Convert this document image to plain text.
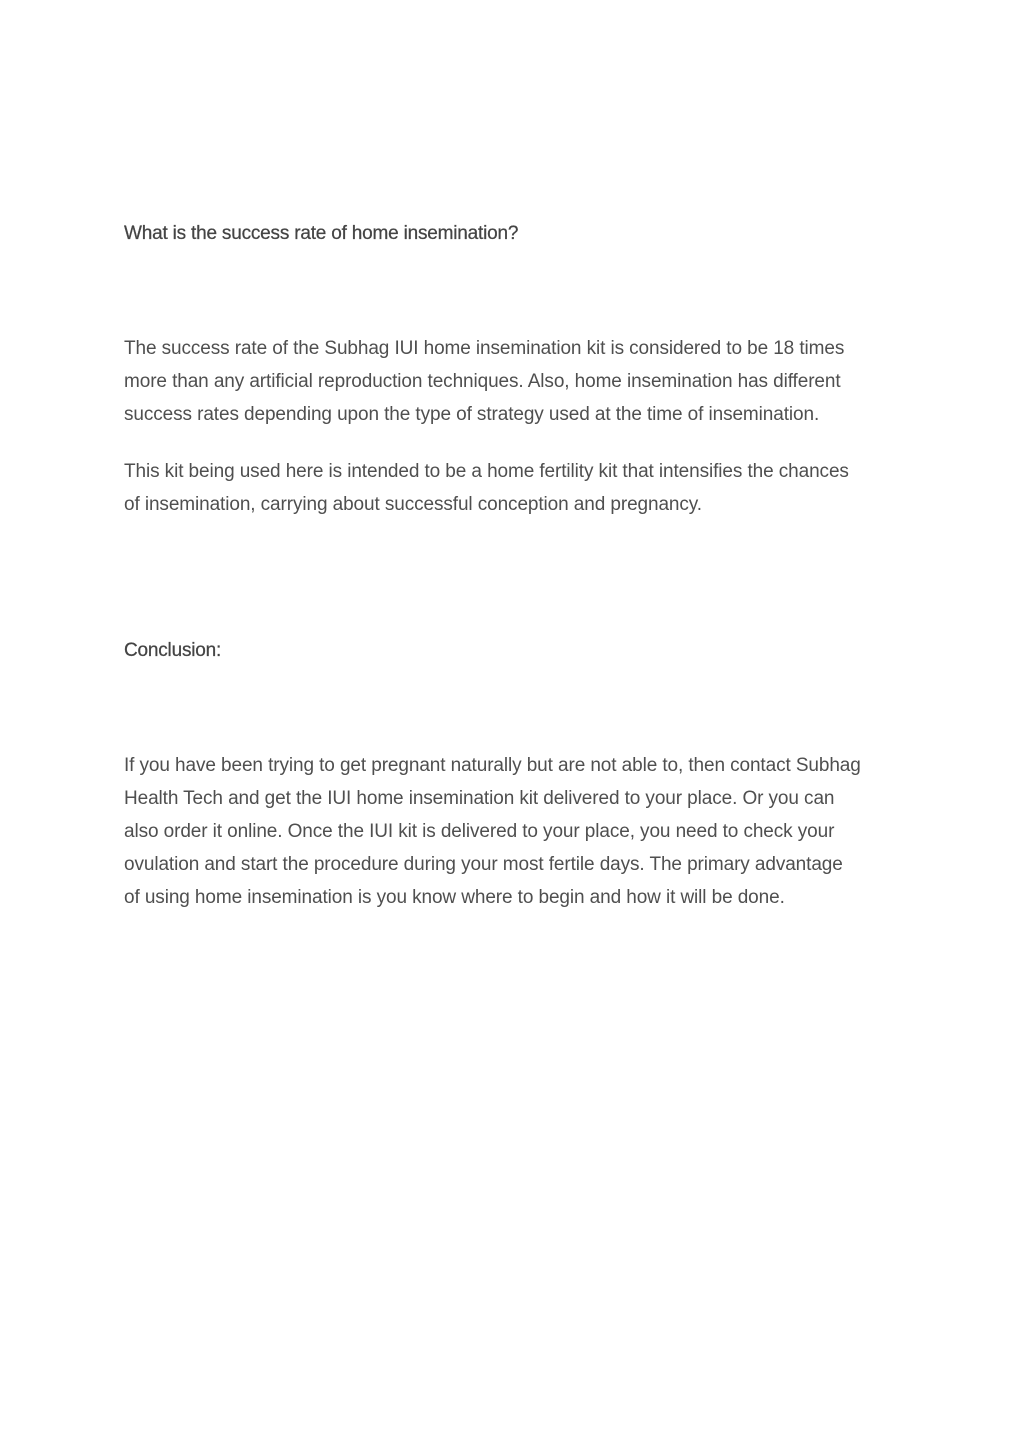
What is the success rate of home insemination?

The success rate of the Subhag IUI home insemination kit is considered to be 18 times
more than any artificial reproduction techniques. Also, home insemination has different
success rates depending upon the type of strategy used at the time of insemination.

This kit being used here is intended to be a home fertility kit that intensifies the chances
of insemination, carrying about successful conception and pregnancy.

Conclusion:

If you have been trying to get pregnant naturally but are not able to, then contact Subhag
Health Tech and get the IUI home insemination kit delivered to your place. Or you can
also order it online. Once the IUI kit is delivered to your place, you need to check your
ovulation and start the procedure during your most fertile days. The primary advantage
of using home insemination is you know where to begin and how it will be done.
